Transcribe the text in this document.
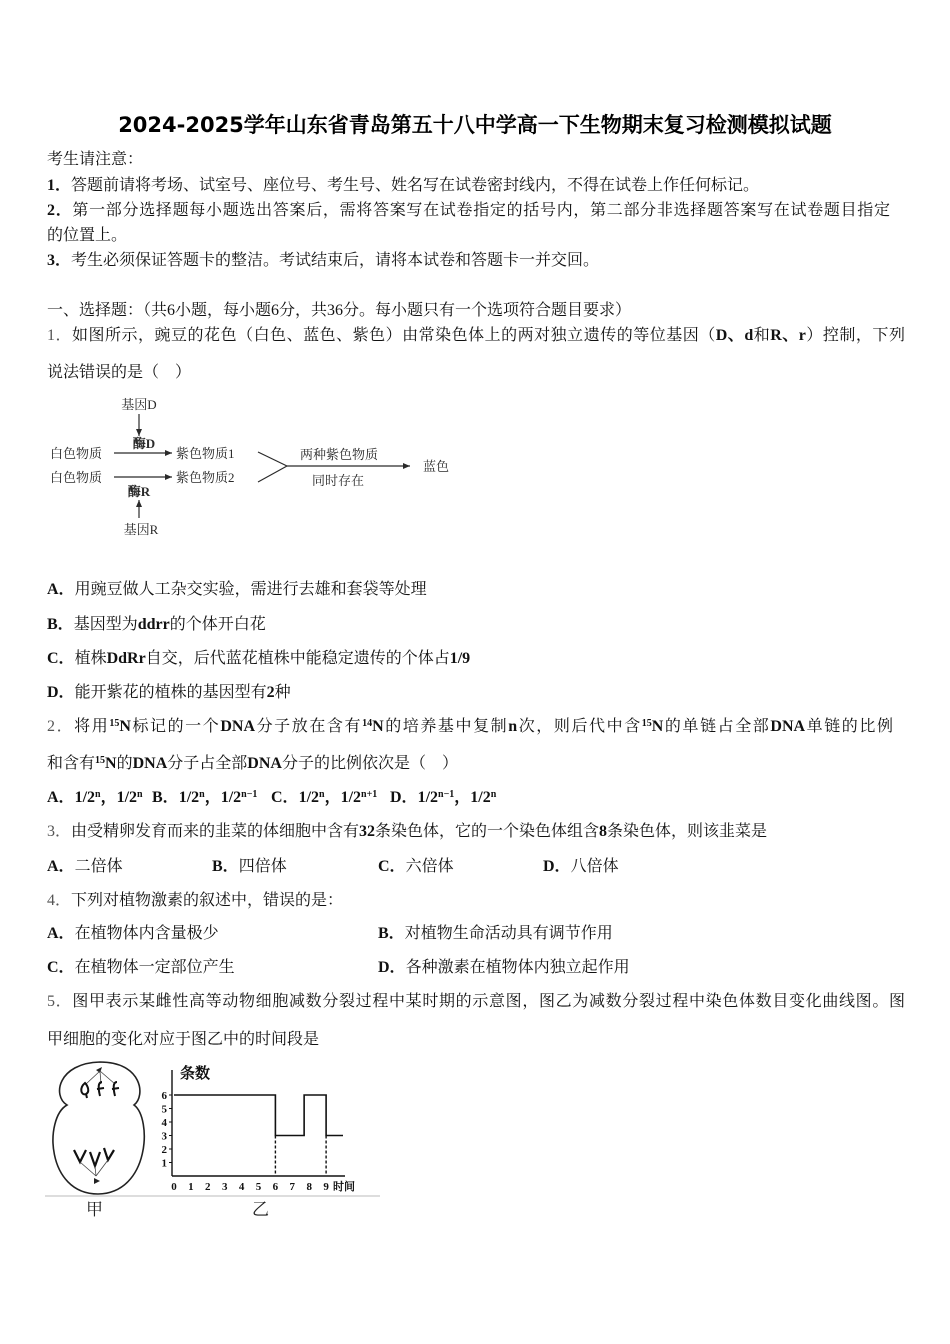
2024-2025学年山东省青岛第五十八中学高一下生物期末复习检测模拟试题
考生请注意：
1．答题前请将考场、试室号、座位号、考生号、姓名写在试卷密封线内，不得在试卷上作任何标记。
2．第一部分选择题每小题选出答案后，需将答案写在试卷指定的括号内，第二部分非选择题答案写在试卷题目指定
的位置上。
3．考生必须保证答题卡的整洁。考试结束后，请将本试卷和答题卡一并交回。
一、选择题：（共6小题，每小题6分，共36分。每小题只有一个选项符合题目要求）
1．如图所示，豌豆的花色（白色、蓝色、紫色）由常染色体上的两对独立遗传的等位基因（D、d和R、r）控制，下列
说法错误的是（　）
基因D
酶D
白色物质	紫色物质1
白色物质	紫色物质2
两种紫色物质
同时存在
蓝色
酶R
基因R
A．用豌豆做人工杂交实验，需进行去雄和套袋等处理
B．基因型为ddrr的个体开白花
C．植株DdRr自交，后代蓝花植株中能稳定遗传的个体占1/9
D．能开紫花的植株的基因型有2种
2．将用$^{15}$N标记的一个DNA分子放在含有$^{14}$N的培养基中复制n次，则后代中含$^{15}$N的单链占全部DNA单链的比例
和含有$^{15}$N的DNA分子占全部DNA分子的比例依次是（　）
A．1/2$^n$，1/2$^n$ B．1/2$^n$，$1/2^{n-1}$ C．1/2$^n$，$1/2^{n+1}$ D．$1/2^{n-1}$，1/2$^n$
3．由受精卵发育而来的韭菜的体细胞中含有32条染色体，它的一个染色体组含8条染色体，则该韭菜是
A．二倍体	B．四倍体	C．六倍体	D．八倍体
4．下列对植物激素的叙述中，错误的是：
A．在植物体内含量极少	B．对植物生命活动具有调节作用
C．在植物体一定部位产生	D．各种激素在植物体内独立起作用
5．图甲表示某雌性高等动物细胞减数分裂过程中某时期的示意图，图乙为减数分裂过程中染色体数目变化曲线图。图
甲细胞的变化对应于图乙中的时间段是
条数
时间
1
2
3
4
5
6
0 1 2 3 4 5 6 7 8 9
甲	乙
